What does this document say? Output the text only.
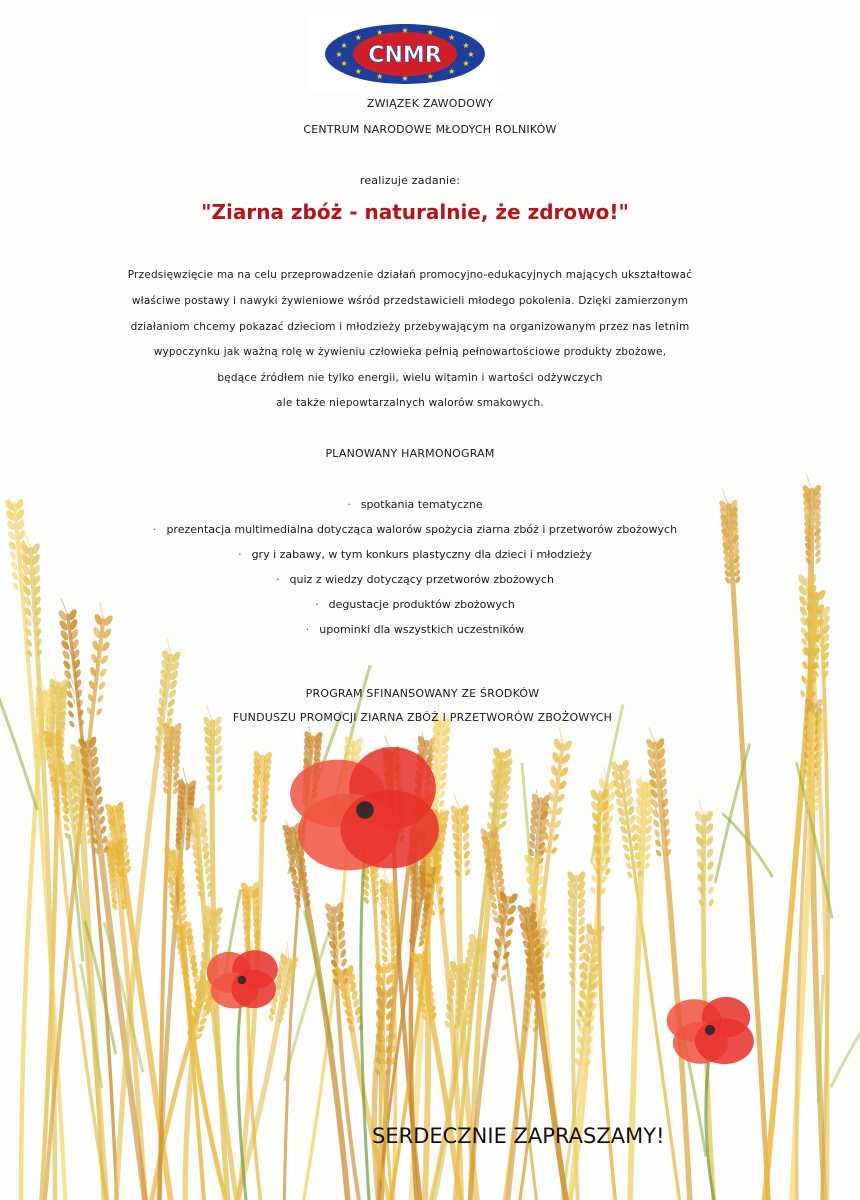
★
★
★
★
★
★
★
★
★
★
★
★ ★ ★
★
★
CNMR
ZWIĄZEK ZAWODOWY
CENTRUM NARODOWE MŁODYCH ROLNIKÓW
realizuje zadanie:
"Ziarna zbóż - naturalnie, że zdrowo!"
Przedsięwzięcie ma na celu przeprowadzenie działań promocyjno-edukacyjnych mających ukształtować
właściwe postawy i nawyki żywieniowe wśród przedstawicieli młodego pokolenia. Dzięki zamierzonym
działaniom chcemy pokazać dzieciom i młodzieży przebywającym na organizowanym przez nas letnim
wypoczynku jak ważną rolę w żywieniu człowieka pełnią pełnowartościowe produkty zbożowe,
będące źródłem nie tylko energii, wielu witamin i wartości odżywczych
ale także niepowtarzalnych walorów smakowych.
PLANOWANY HARMONOGRAM
· spotkania tematyczne
· prezentacja multimedialna dotycząca walorów spożycia ziarna zbóż i przetworów zbożowych
· gry i zabawy, w tym konkurs plastyczny dla dzieci i młodzieży
· quiz z wiedzy dotyczący przetworów zbożowych
· degustacje produktów zbożowych
· upominki dla wszystkich uczestników
PROGRAM SFINANSOWANY ZE ŚRODKÓW
FUNDUSZU PROMOCJI ZIARNA ZBÓŻ I PRZETWORÓW ZBOŻOWYCH
SERDECZNIE ZAPRASZAMY!
